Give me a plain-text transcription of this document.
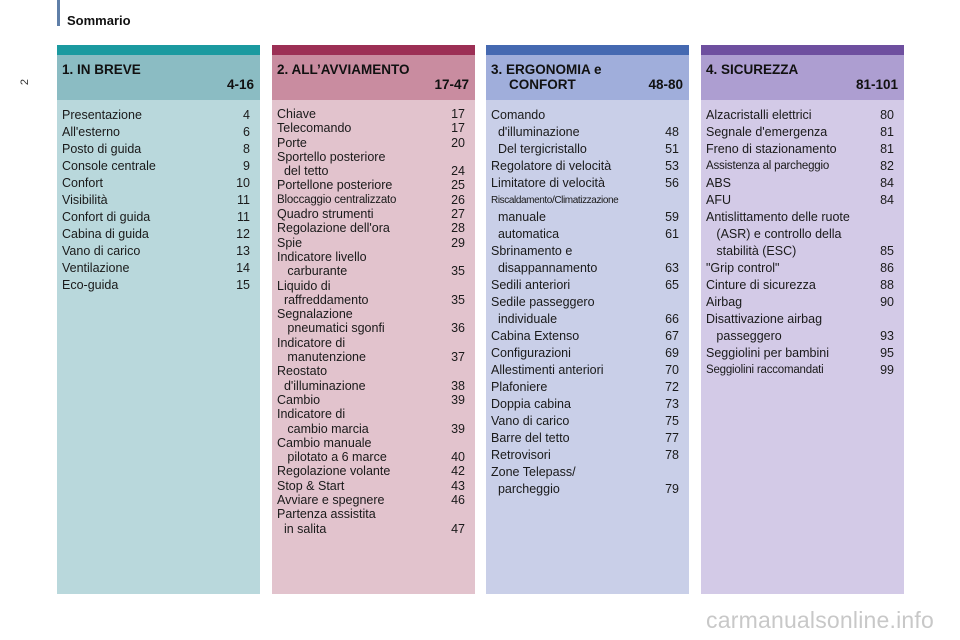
Sommario
2
1. IN BREVE
4-16
Presentazione	4
All'esterno	6
Posto di guida	8
Console centrale	9
Confort	10
Visibilità	11
Confort di guida	11
Cabina di guida	12
Vano di carico	13
Ventilazione	14
Eco-guida	15
2. ALL’AVVIAMENTO
17-47
Chiave	17
Telecomando	17
Porte	20
Sportello posteriore
del tetto	24
Portellone posteriore	25
Bloccaggio centralizzato	26
Quadro strumenti	27
Regolazione dell'ora	28
Spie	29
Indicatore livello
carburante	35
Liquido di
raffreddamento	35
Segnalazione
pneumatici sgonfi	36
Indicatore di
manutenzione	37
Reostato
d'illuminazione	38
Cambio	39
Indicatore di
cambio marcia	39
Cambio manuale
pilotato a 6 marce	40
Regolazione volante	42
Stop & Start	43
Avviare e spegnere	46
Partenza assistita
in salita	47
3. ERGONOMIA e
CONFORT	48-80
Comando
d'illuminazione	48
Del tergicristallo	51
Regolatore di velocità	53
Limitatore di velocità	56
Riscaldamento/Climatizzazione
manuale	59
automatica	61
Sbrinamento e
disappannamento	63
Sedili anteriori	65
Sedile passeggero
individuale	66
Cabina Extenso	67
Configurazioni	69
Allestimenti anteriori	70
Plafoniere	72
Doppia cabina	73
Vano di carico	75
Barre del tetto	77
Retrovisori	78
Zone Telepass/
parcheggio	79
4. SICUREZZA
81-101
Alzacristalli elettrici	80
Segnale d'emergenza	81
Freno di stazionamento	81
Assistenza al parcheggio	82
ABS	84
AFU	84
Antislittamento delle ruote
(ASR) e controllo della
stabilità (ESC)	85
"Grip control"	86
Cinture di sicurezza	88
Airbag	90
Disattivazione airbag
passeggero	93
Seggiolini per bambini	95
Seggiolini raccomandati	99
carmanualsonline.info
